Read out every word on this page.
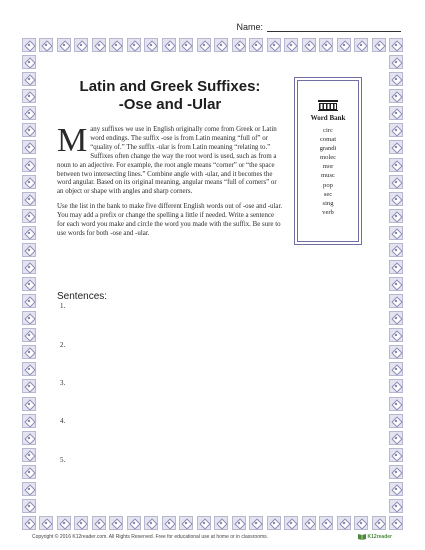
Name:
Latin and Greek Suffixes:
-Ose and -Ular
M any suffixes we use in English originally come from Greek or Latin word endings. The suffix -ose is from Latin meaning “full of” or “quality of.” The suffix -ular is from Latin meaning “relating to.” Suffixes often change the way the root word is used, such as from a noun to an adjective. For example, the root angle means “corner” or “the space between two intersecting lines.” Combine angle with -ular, and it becomes the word angular. Based on its original meaning, angular means “full of corners” or an object or shape with angles and sharp corners.
Use the list in the bank to make five different English words out of -ose and -ular. You may add a prefix or change the spelling a little if needed. Write a sentence for each word you make and circle the word you made with the suffix. Be sure to use words for both -ose and -ular.
Word Bank
circ
comat
grandi
molec
mor
musc
pop
sec
sing
verb
Sentences:
1.
2.
3.
4.
5.
Copyright © 2016 K12reader.com. All Rights Reserved. Free for educational use at home or in classrooms.	K12reader
